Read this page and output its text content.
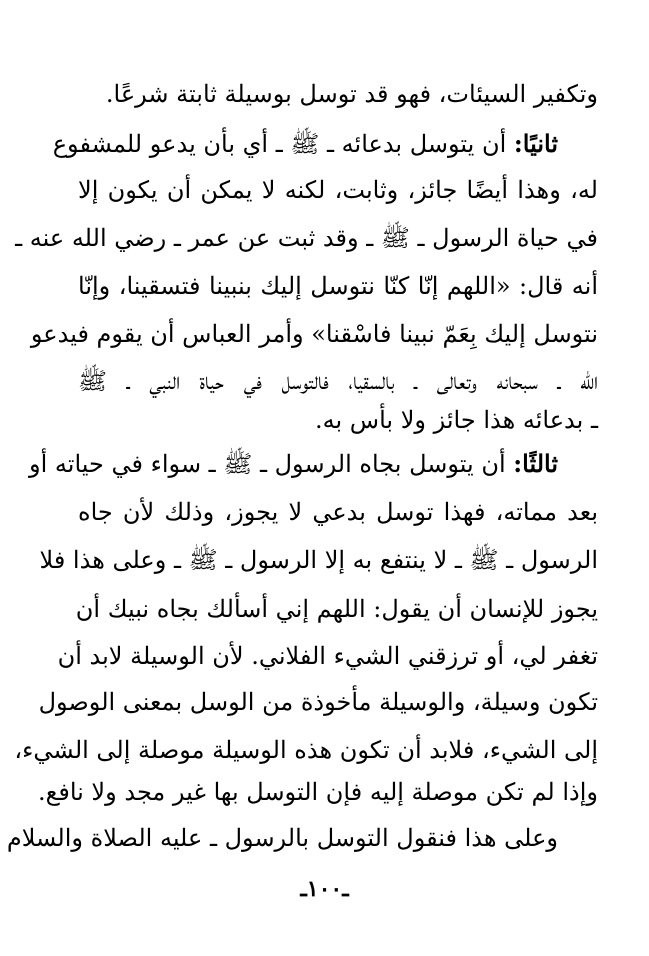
وتكفير السيئات، فهو قد توسل بوسيلة ثابتة شرعًا.
ثانيًا: أن يتوسل بدعائه ـ ﷺ ـ أي بأن يدعو للمشفوع
له، وهذا أيضًا جائز، وثابت، لكنه لا يمكن أن يكون إلا
في حياة الرسول ـ ﷺ ـ وقد ثبت عن عمر ـ رضي الله عنه ـ
أنه قال: «اللهم إنّا كنّا نتوسل إليك بنبينا فتسقينا، وإنّا
نتوسل إليك بِعَمّ نبينا فاسْقنا» وأمر العباس أن يقوم فيدعو
الله ـ سبحانه وتعالى ـ بالسقيا، فالتوسل في حياة النبي ـ ﷺ
ـ بدعائه هذا جائز ولا بأس به.
ثالثًا: أن يتوسل بجاه الرسول ـ ﷺ ـ سواء في حياته أو
بعد مماته، فهذا توسل بدعي لا يجوز، وذلك لأن جاه
الرسول ـ ﷺ ـ لا ينتفع به إلا الرسول ـ ﷺ ـ وعلى هذا فلا
يجوز للإنسان أن يقول: اللهم إني أسألك بجاه نبيك أن
تغفر لي، أو ترزقني الشيء الفلاني. لأن الوسيلة لابد أن
تكون وسيلة، والوسيلة مأخوذة من الوسل بمعنى الوصول
إلى الشيء، فلابد أن تكون هذه الوسيلة موصلة إلى الشيء،
وإذا لم تكن موصلة إليه فإن التوسل بها غير مجد ولا نافع.
وعلى هذا فنقول التوسل بالرسول ـ عليه الصلاة والسلام
ـ١٠٠ـ
